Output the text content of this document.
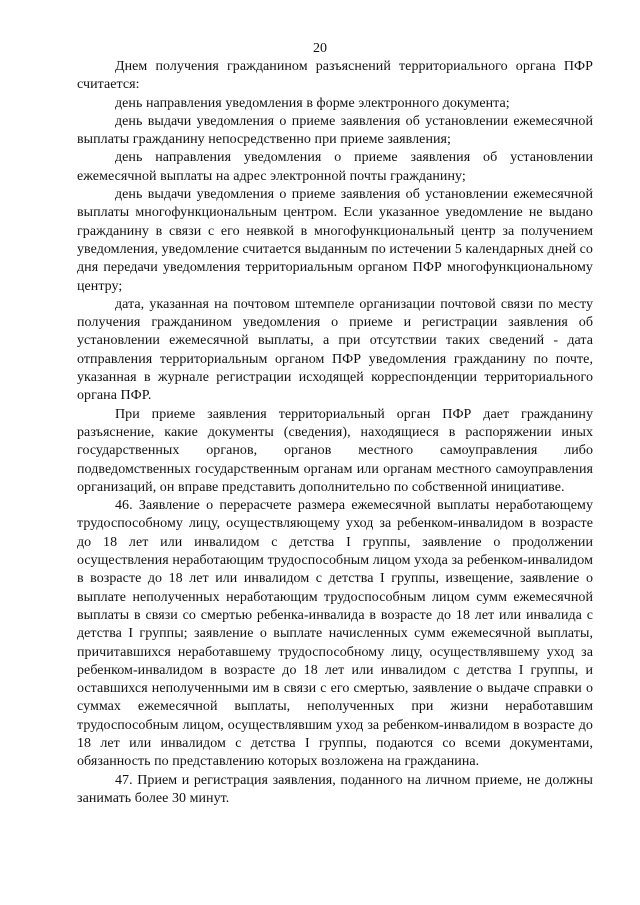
20

Днем получения гражданином разъяснений территориального органа ПФР считается:

день направления уведомления в форме электронного документа;

день выдачи уведомления о приеме заявления об установлении ежемесячной выплаты гражданину непосредственно при приеме заявления;

день направления уведомления о приеме заявления об установлении ежемесячной выплаты на адрес электронной почты гражданину;

день выдачи уведомления о приеме заявления об установлении ежемесячной выплаты многофункциональным центром. Если указанное уведомление не выдано гражданину в связи с его неявкой в многофункциональный центр за получением уведомления, уведомление считается выданным по истечении 5 календарных дней со дня передачи уведомления территориальным органом ПФР многофункциональному центру;

дата, указанная на почтовом штемпеле организации почтовой связи по месту получения гражданином уведомления о приеме и регистрации заявления об установлении ежемесячной выплаты, а при отсутствии таких сведений - дата отправления территориальным органом ПФР уведомления гражданину по почте, указанная в журнале регистрации исходящей корреспонденции территориального органа ПФР.

При приеме заявления территориальный орган ПФР дает гражданину разъяснение, какие документы (сведения), находящиеся в распоряжении иных государственных органов, органов местного самоуправления либо подведомственных государственным органам или органам местного самоуправления организаций, он вправе представить дополнительно по собственной инициативе.

46. Заявление о перерасчете размера ежемесячной выплаты неработающему трудоспособному лицу, осуществляющему уход за ребенком-инвалидом в возрасте до 18 лет или инвалидом с детства I группы, заявление о продолжении осуществления неработающим трудоспособным лицом ухода за ребенком-инвалидом в возрасте до 18 лет или инвалидом с детства I группы, извещение, заявление о выплате неполученных неработающим трудоспособным лицом сумм ежемесячной выплаты в связи со смертью ребенка-инвалида в возрасте до 18 лет или инвалида с детства I группы; заявление о выплате начисленных сумм ежемесячной выплаты, причитавшихся неработавшему трудоспособному лицу, осуществлявшему уход за ребенком-инвалидом в возрасте до 18 лет или инвалидом с детства I группы, и оставшихся неполученными им в связи с его смертью, заявление о выдаче справки о суммах ежемесячной выплаты, неполученных при жизни неработавшим трудоспособным лицом, осуществлявшим уход за ребенком-инвалидом в возрасте до 18 лет или инвалидом с детства I группы, подаются со всеми документами, обязанность по представлению которых возложена на гражданина.

47. Прием и регистрация заявления, поданного на личном приеме, не должны занимать более 30 минут.
